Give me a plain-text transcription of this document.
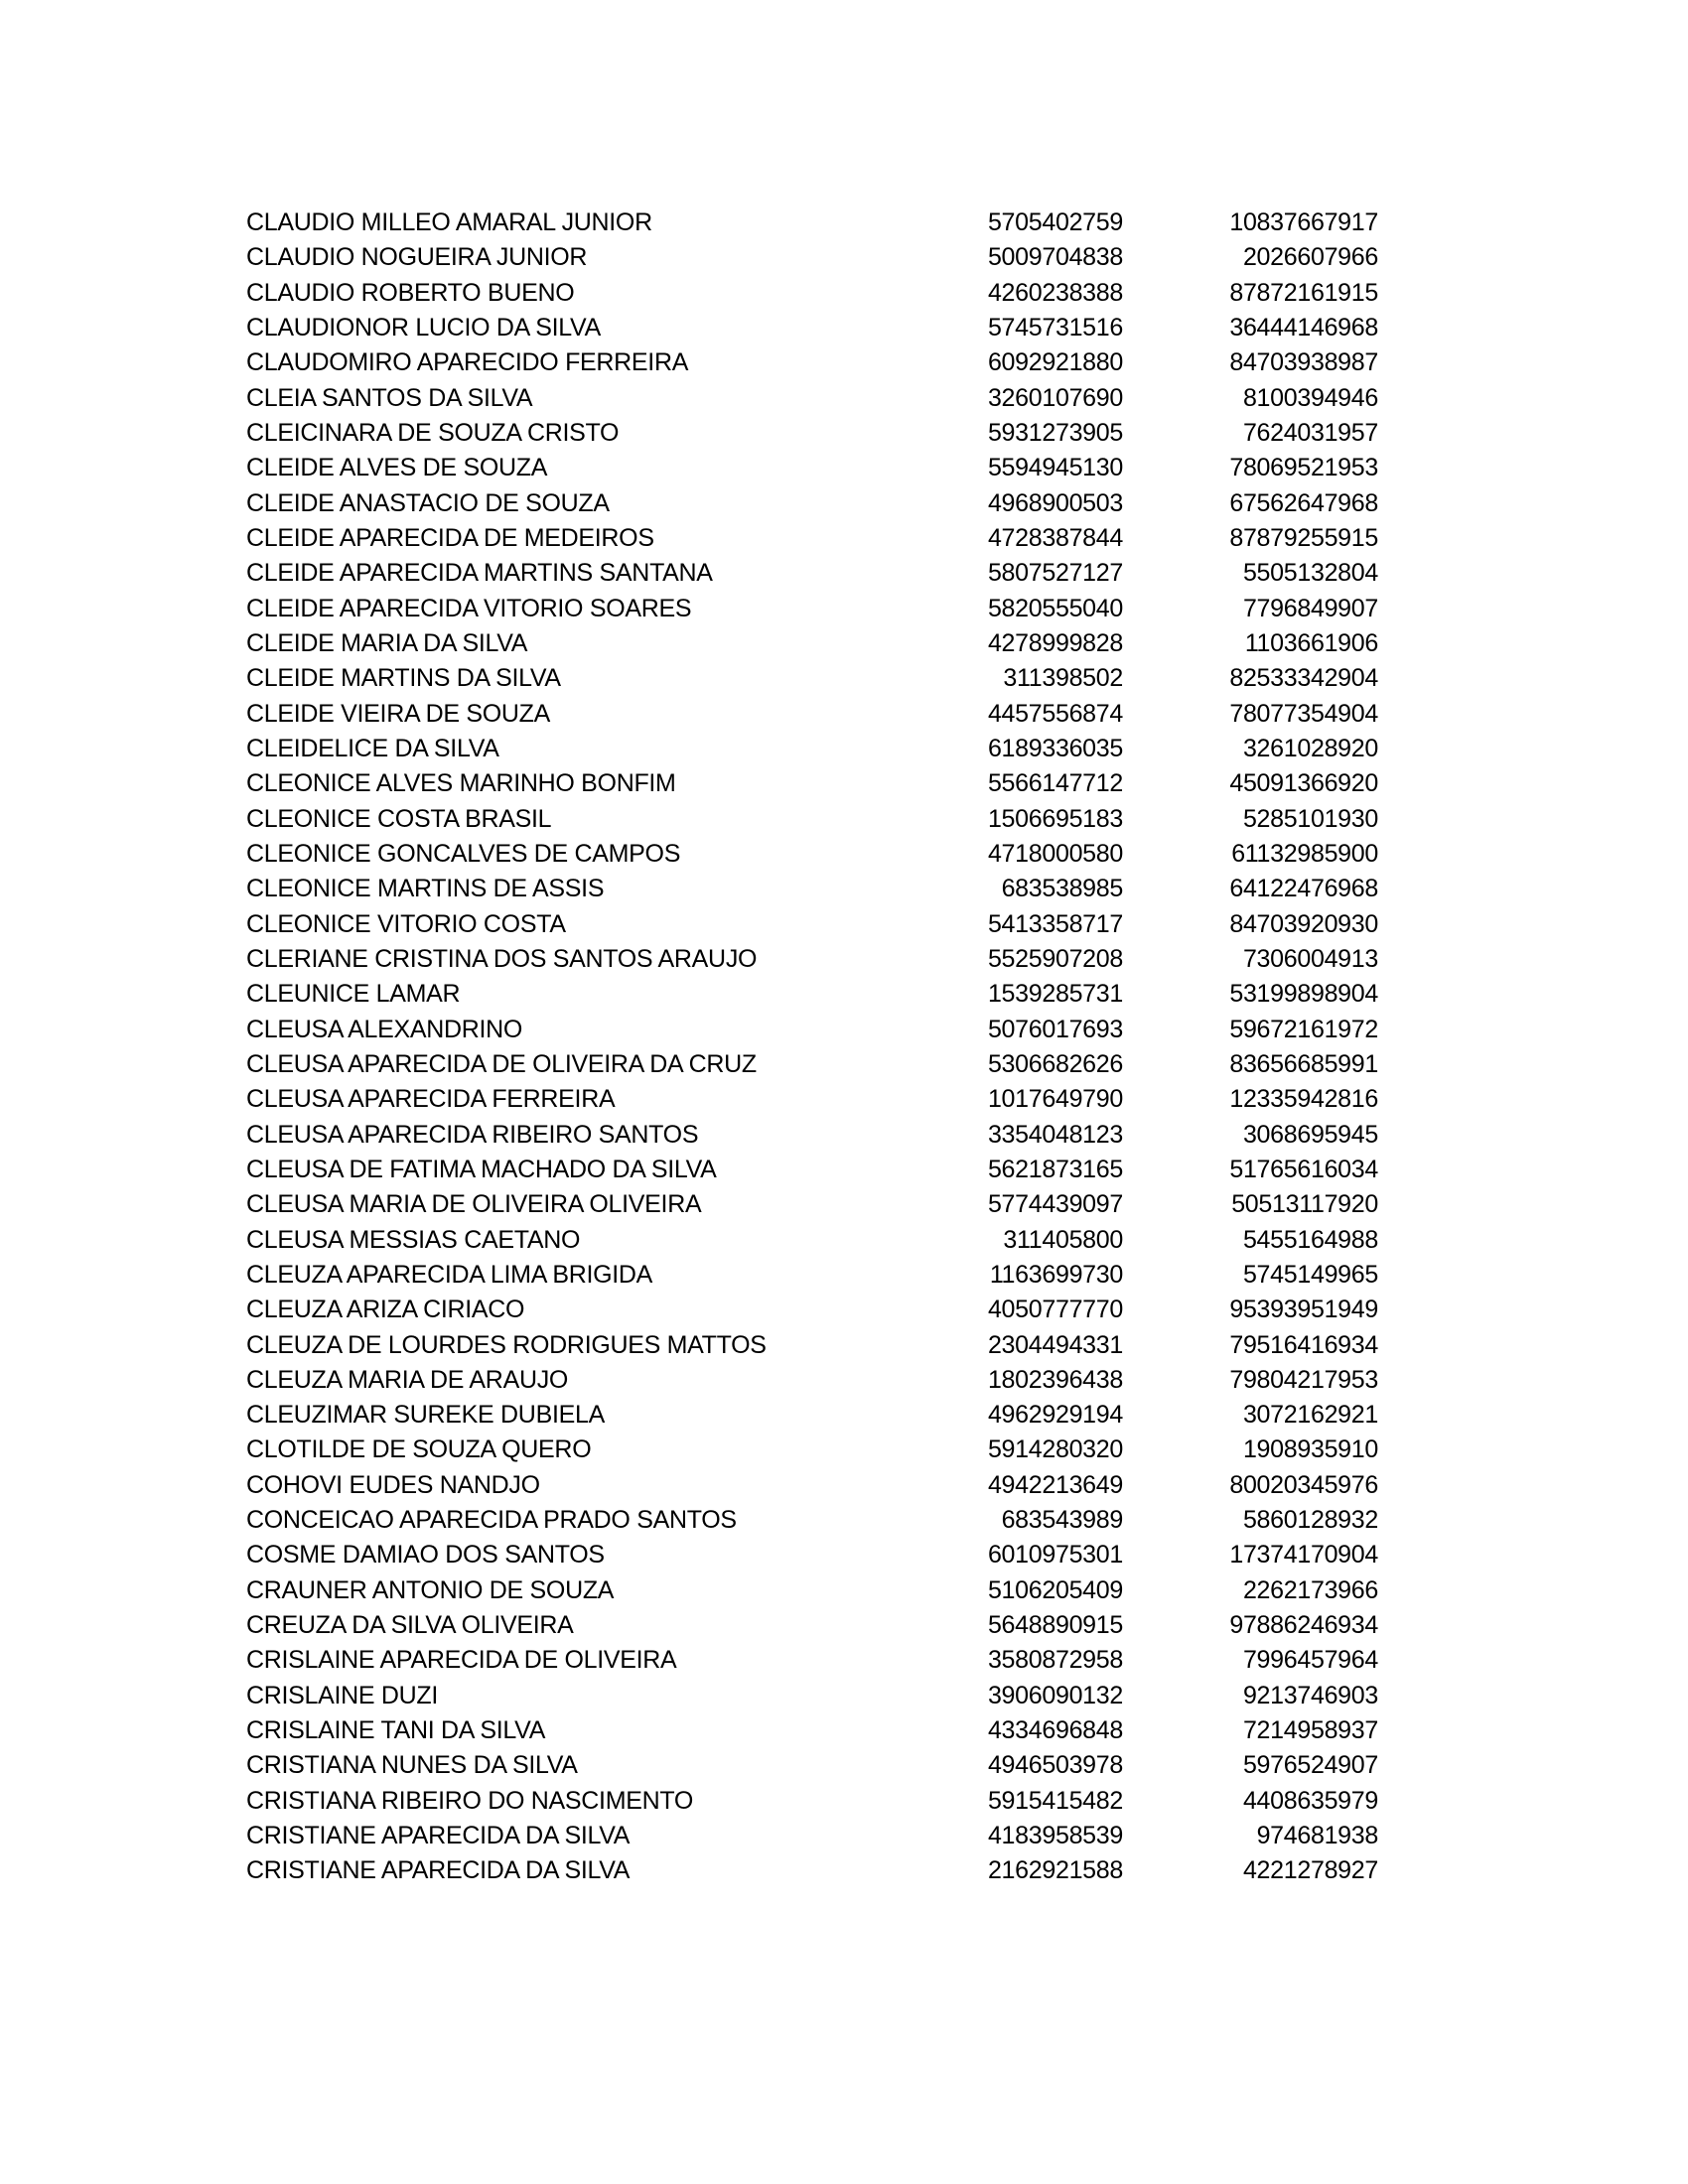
CLAUDIO MILLEO AMARAL JUNIOR	5705402759	10837667917
CLAUDIO NOGUEIRA JUNIOR	5009704838	2026607966
CLAUDIO ROBERTO BUENO	4260238388	87872161915
CLAUDIONOR LUCIO DA SILVA	5745731516	36444146968
CLAUDOMIRO APARECIDO FERREIRA	6092921880	84703938987
CLEIA SANTOS DA SILVA	3260107690	8100394946
CLEICINARA DE SOUZA CRISTO	5931273905	7624031957
CLEIDE ALVES DE SOUZA	5594945130	78069521953
CLEIDE ANASTACIO DE SOUZA	4968900503	67562647968
CLEIDE APARECIDA DE MEDEIROS	4728387844	87879255915
CLEIDE APARECIDA MARTINS SANTANA	5807527127	5505132804
CLEIDE APARECIDA VITORIO SOARES	5820555040	7796849907
CLEIDE MARIA DA SILVA	4278999828	1103661906
CLEIDE MARTINS DA SILVA	311398502	82533342904
CLEIDE VIEIRA DE SOUZA	4457556874	78077354904
CLEIDELICE DA SILVA	6189336035	3261028920
CLEONICE ALVES MARINHO BONFIM	5566147712	45091366920
CLEONICE COSTA BRASIL	1506695183	5285101930
CLEONICE GONCALVES DE CAMPOS	4718000580	61132985900
CLEONICE MARTINS DE ASSIS	683538985	64122476968
CLEONICE VITORIO COSTA	5413358717	84703920930
CLERIANE CRISTINA DOS SANTOS ARAUJO	5525907208	7306004913
CLEUNICE LAMAR	1539285731	53199898904
CLEUSA ALEXANDRINO	5076017693	59672161972
CLEUSA APARECIDA DE OLIVEIRA DA CRUZ	5306682626	83656685991
CLEUSA APARECIDA FERREIRA	1017649790	12335942816
CLEUSA APARECIDA RIBEIRO SANTOS	3354048123	3068695945
CLEUSA DE FATIMA MACHADO DA SILVA	5621873165	51765616034
CLEUSA MARIA DE OLIVEIRA OLIVEIRA	5774439097	50513117920
CLEUSA MESSIAS CAETANO	311405800	5455164988
CLEUZA APARECIDA LIMA BRIGIDA	1163699730	5745149965
CLEUZA ARIZA CIRIACO	4050777770	95393951949
CLEUZA DE LOURDES RODRIGUES MATTOS	2304494331	79516416934
CLEUZA MARIA DE ARAUJO	1802396438	79804217953
CLEUZIMAR SUREKE DUBIELA	4962929194	3072162921
CLOTILDE DE SOUZA QUERO	5914280320	1908935910
COHOVI EUDES NANDJO	4942213649	80020345976
CONCEICAO APARECIDA PRADO SANTOS	683543989	5860128932
COSME DAMIAO DOS SANTOS	6010975301	17374170904
CRAUNER ANTONIO DE SOUZA	5106205409	2262173966
CREUZA DA SILVA OLIVEIRA	5648890915	97886246934
CRISLAINE APARECIDA DE OLIVEIRA	3580872958	7996457964
CRISLAINE DUZI	3906090132	9213746903
CRISLAINE TANI DA SILVA	4334696848	7214958937
CRISTIANA NUNES DA SILVA	4946503978	5976524907
CRISTIANA RIBEIRO DO NASCIMENTO	5915415482	4408635979
CRISTIANE APARECIDA DA SILVA	4183958539	974681938
CRISTIANE APARECIDA DA SILVA	2162921588	4221278927
